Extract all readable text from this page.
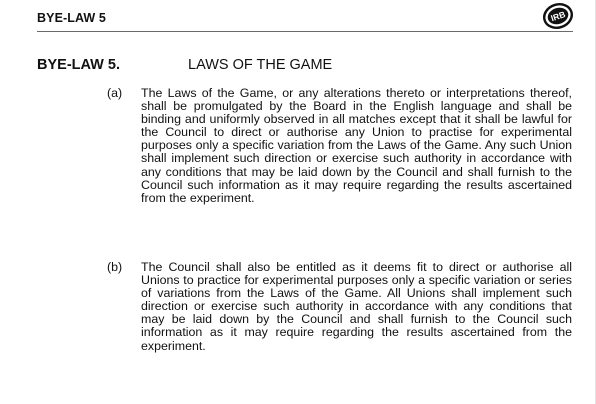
BYE-LAW 5	IRB
BYE-LAW 5.	LAWS OF THE GAME
(a) The Laws of the Game, or any alterations thereto or interpretations thereof, shall be promulgated by the Board in the English language and shall be binding and uniformly observed in all matches except that it shall be lawful for the Council to direct or authorise any Union to practise for experimental purposes only a specific variation from the Laws of the Game. Any such Union shall implement such direction or exercise such authority in accordance with any conditions that may be laid down by the Council and shall furnish to the Council such information as it may require regarding the results ascertained from the experiment.

(b) The Council shall also be entitled as it deems fit to direct or authorise all Unions to practice for experimental purposes only a specific variation or series of variations from the Laws of the Game. All Unions shall implement such direction or exercise such authority in accordance with any conditions that may be laid down by the Council and shall furnish to the Council such information as it may require regarding the results ascertained from the experiment.
